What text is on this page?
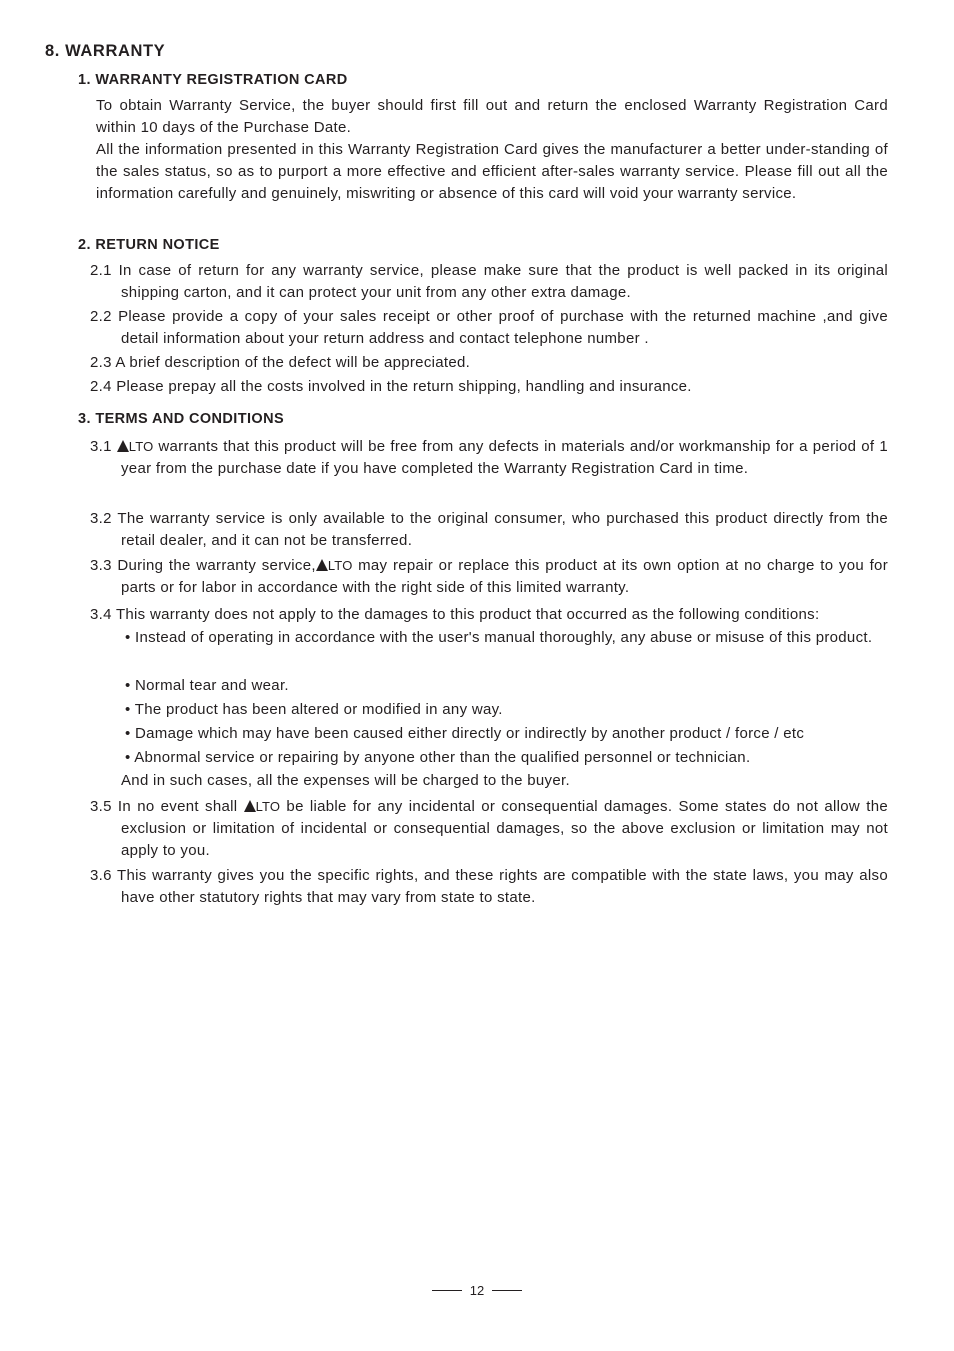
8. WARRANTY
1. WARRANTY REGISTRATION CARD

To obtain Warranty Service, the buyer should first fill out and return the enclosed Warranty Registration Card within 10 days of the Purchase Date.

All the information presented in this Warranty Registration Card gives the manufacturer a better under-standing of the sales status, so as to purport a more effective and efficient after-sales warranty service. Please fill out all the information carefully and genuinely, miswriting or absence of this card will void your warranty service.

2. RETURN NOTICE

2.1 In case of return for any warranty service, please make sure that the product is well packed in its original shipping carton, and it can protect your unit from any other extra damage.

2.2 Please provide a copy of your sales receipt or other proof of purchase with the returned machine ,and give detail information about your return address and contact telephone number .

2.3 A brief description of the defect will be appreciated.

2.4 Please prepay all the costs involved in the return shipping, handling and insurance.

3. TERMS AND CONDITIONS

3.1 LTO warrants that this product will be free from any defects in materials and/or workmanship for a period of 1 year from the purchase date if you have completed the Warranty Registration Card in time.

3.2 The warranty service is only available to the original consumer, who purchased this product directly from the retail dealer, and it can not be transferred.

3.3 During the warranty service, LTO may repair or replace this product at its own option at no charge to you for parts or for labor in accordance with the right side of this limited warranty.

3.4 This warranty does not apply to the damages to this product that occurred as the following conditions:

• Instead of operating in accordance with the user's manual thoroughly, any abuse or misuse of this product.

• Normal tear and wear.

• The product has been altered or modified in any way.

• Damage which may have been caused either directly or indirectly by another product / force / etc

• Abnormal service or repairing by anyone other than the qualified personnel or technician.

And in such cases, all the expenses will be charged to the buyer.

3.5 In no event shall LTO be liable for any incidental or consequential damages. Some states do not allow the exclusion or limitation of incidental or consequential damages, so the above exclusion or limitation may not apply to you.

3.6 This warranty gives you the specific rights, and these rights are compatible with the state laws, you may also have other statutory rights that may vary from state to state.

12
